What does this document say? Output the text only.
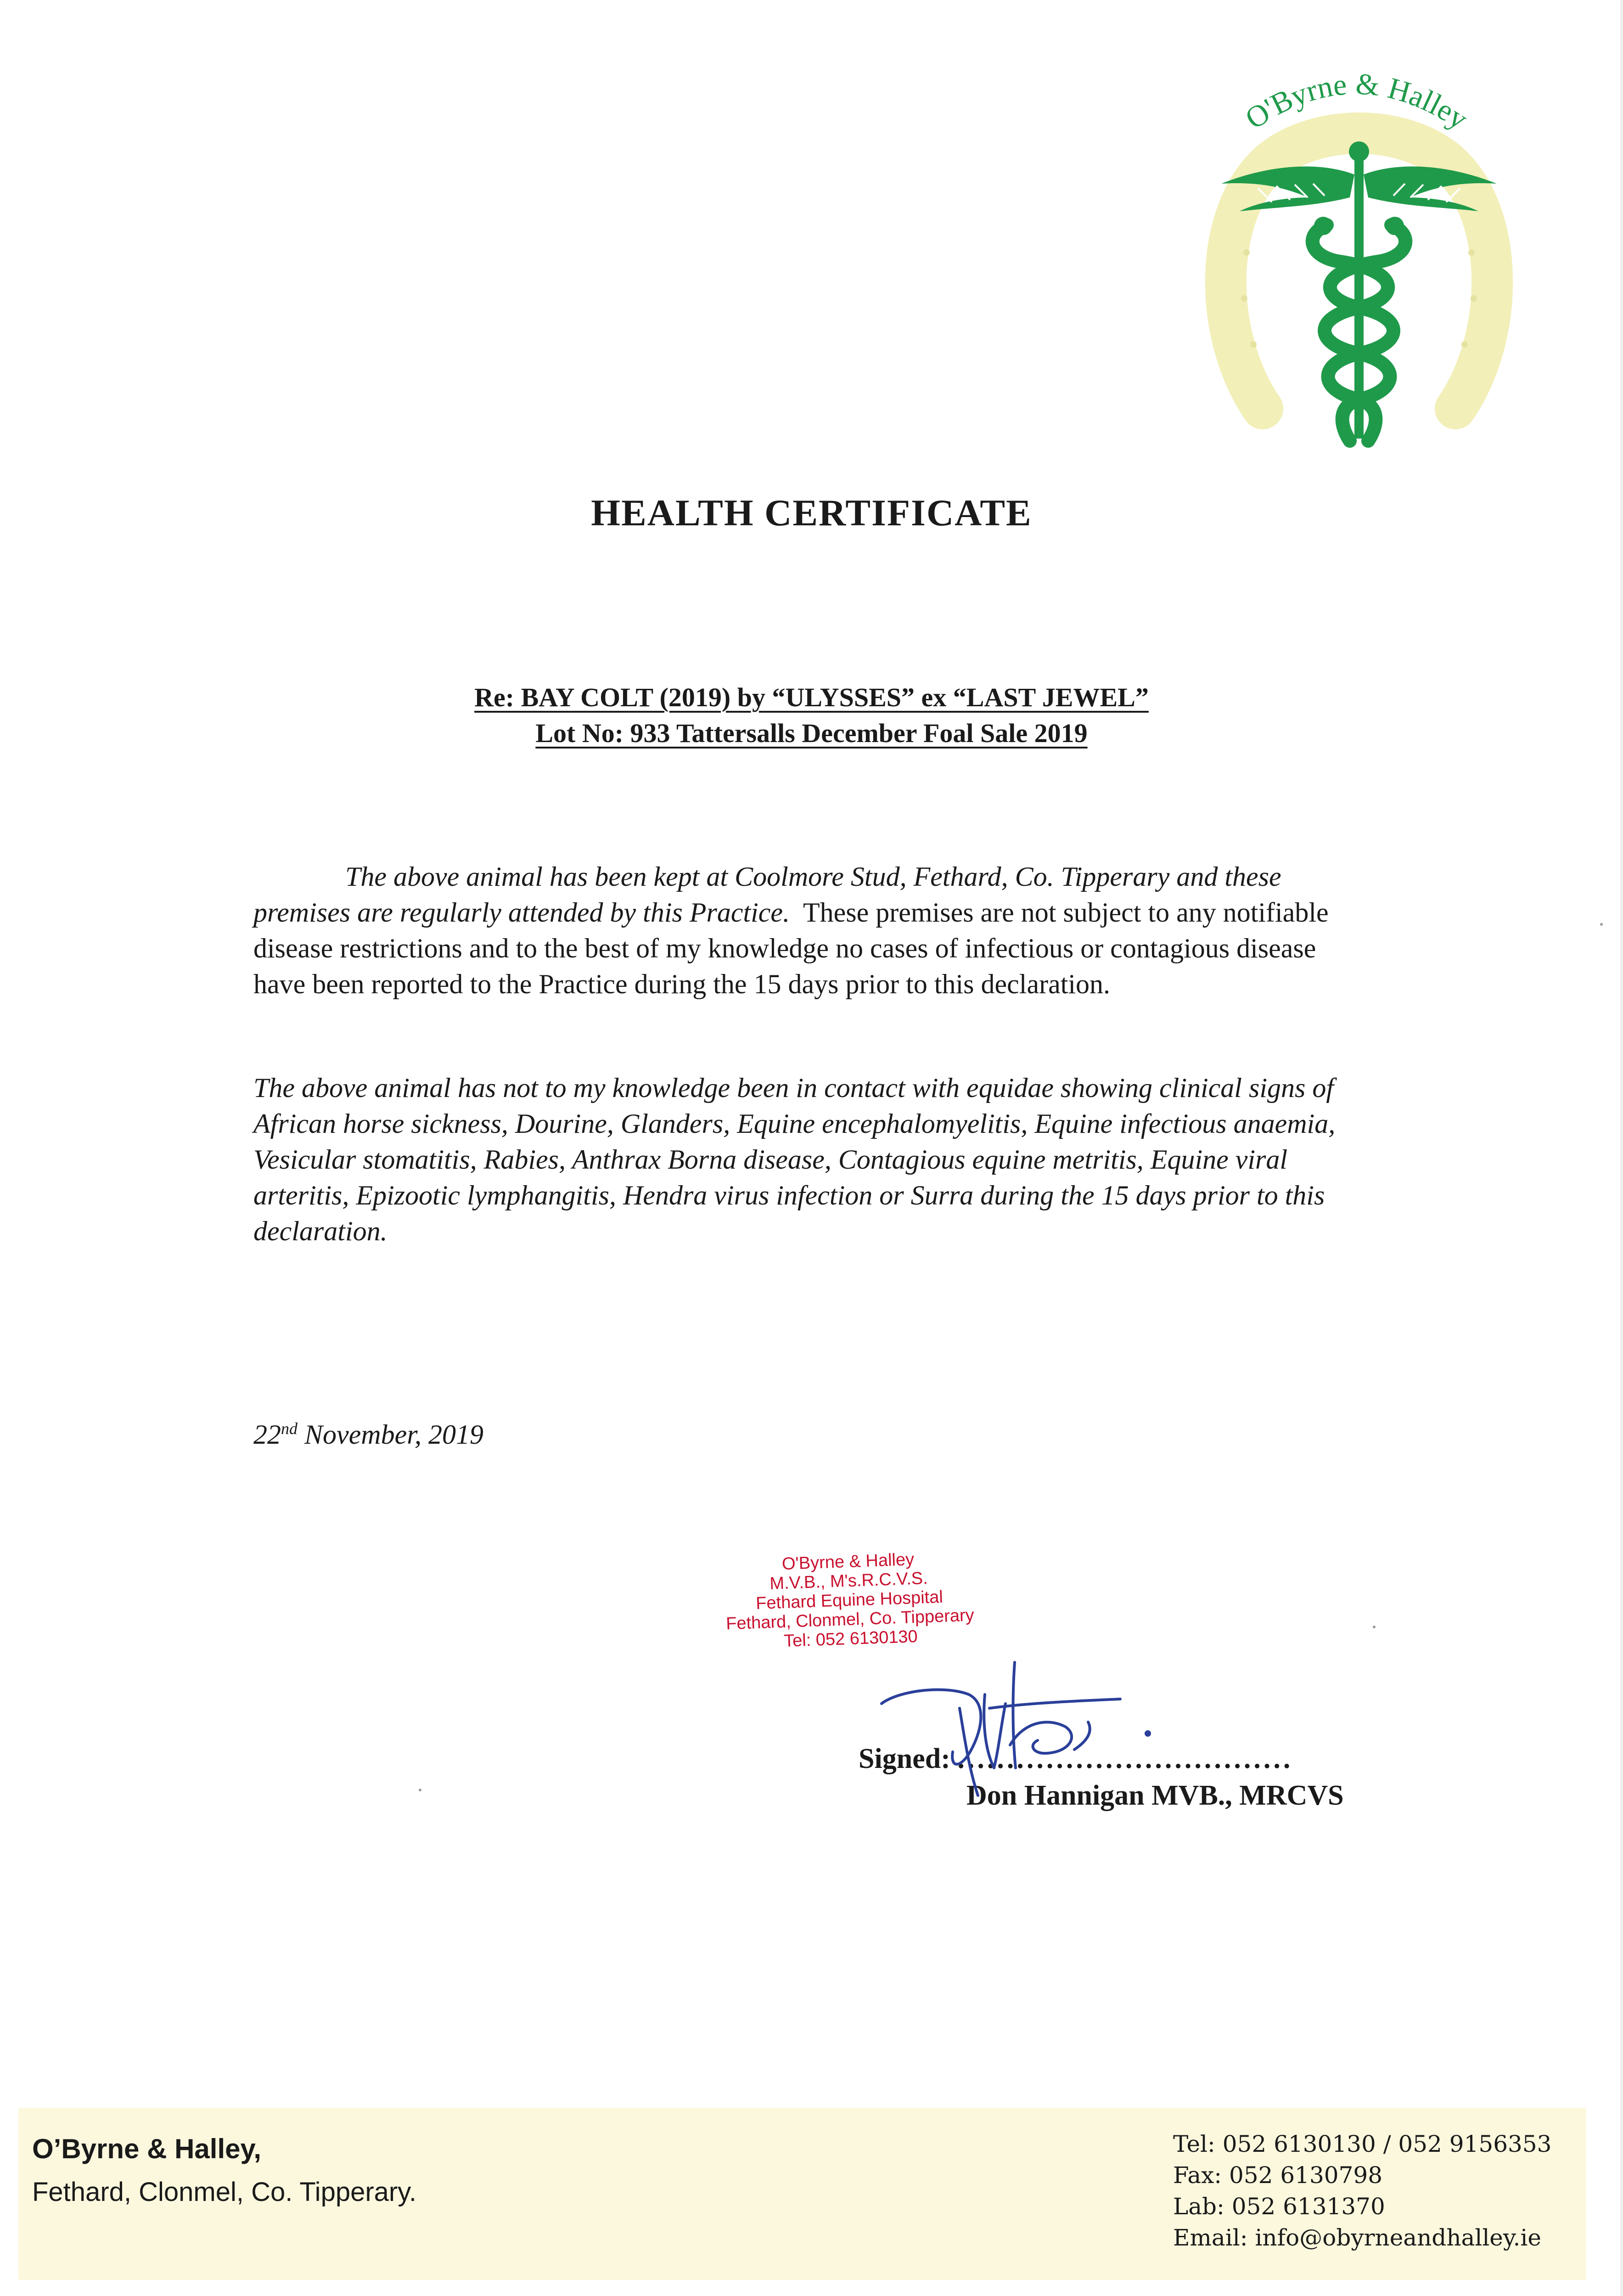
O'Byrne & Halley
HEALTH CERTIFICATE
Re: BAY COLT (2019) by “ULYSSES” ex “LAST JEWEL”
Lot No: 933 Tattersalls December Foal Sale 2019
The above animal has been kept at Coolmore Stud, Fethard, Co. Tipperary and these premises are regularly attended by this Practice. These premises are not subject to any notifiable disease restrictions and to the best of my knowledge no cases of infectious or contagious disease have been reported to the Practice during the 15 days prior to this declaration.
The above animal has not to my knowledge been in contact with equidae showing clinical signs of African horse sickness, Dourine, Glanders, Equine encephalomyelitis, Equine infectious anaemia, Vesicular stomatitis, Rabies, Anthrax Borna disease, Contagious equine metritis, Equine viral arteritis, Epizootic lymphangitis, Hendra virus infection or Surra during the 15 days prior to this declaration.
22nd November, 2019
O'Byrne & Halley
M.V.B., M's.R.C.V.S.
Fethard Equine Hospital
Fethard, Clonmel, Co. Tipperary
Tel: 052 6130130
Signed: ..................................
Don Hannigan MVB., MRCVS
O’Byrne & Halley,
Fethard, Clonmel, Co. Tipperary.
Tel: 052 6130130 / 052 9156353
Fax: 052 6130798
Lab: 052 6131370
Email: info@obyrneandhalley.ie
